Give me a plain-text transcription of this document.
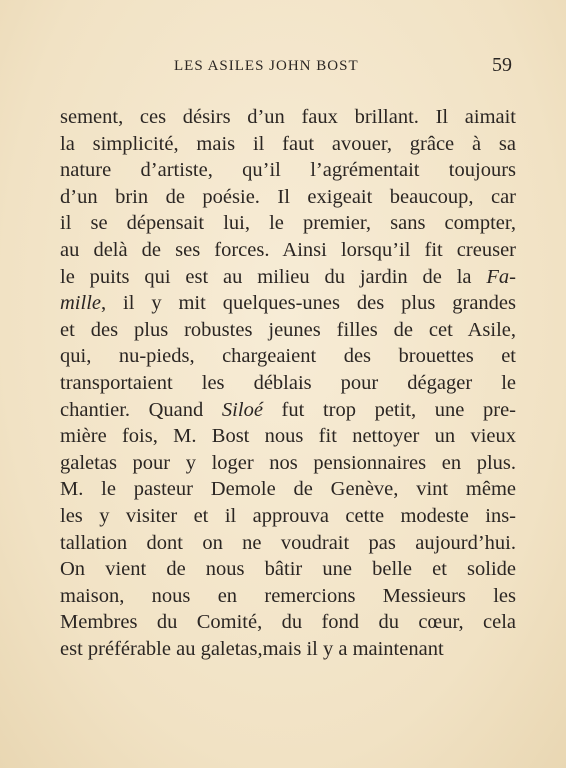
LES ASILES JOHN BOST	59
sement, ces désirs d’un faux brillant. Il aimait
la simplicité, mais il faut avouer, grâce à sa
nature d’artiste, qu’il l’agrémentait toujours
d’un brin de poésie. Il exigeait beaucoup, car
il se dépensait lui, le premier, sans compter,
au delà de ses forces. Ainsi lorsqu’il fit creuser
le puits qui est au milieu du jardin de la Fa-
mille, il y mit quelques-unes des plus grandes
et des plus robustes jeunes filles de cet Asile,
qui, nu-pieds, chargeaient des brouettes et
transportaient les déblais pour dégager le
chantier. Quand Siloé fut trop petit, une pre-
mière fois, M. Bost nous fit nettoyer un vieux
galetas pour y loger nos pensionnaires en plus.
M. le pasteur Demole de Genève, vint même
les y visiter et il approuva cette modeste ins-
tallation dont on ne voudrait pas aujourd’hui.
On vient de nous bâtir une belle et solide
maison, nous en remercions Messieurs les
Membres du Comité, du fond du cœur, cela
est préférable au galetas,mais il y a maintenant
